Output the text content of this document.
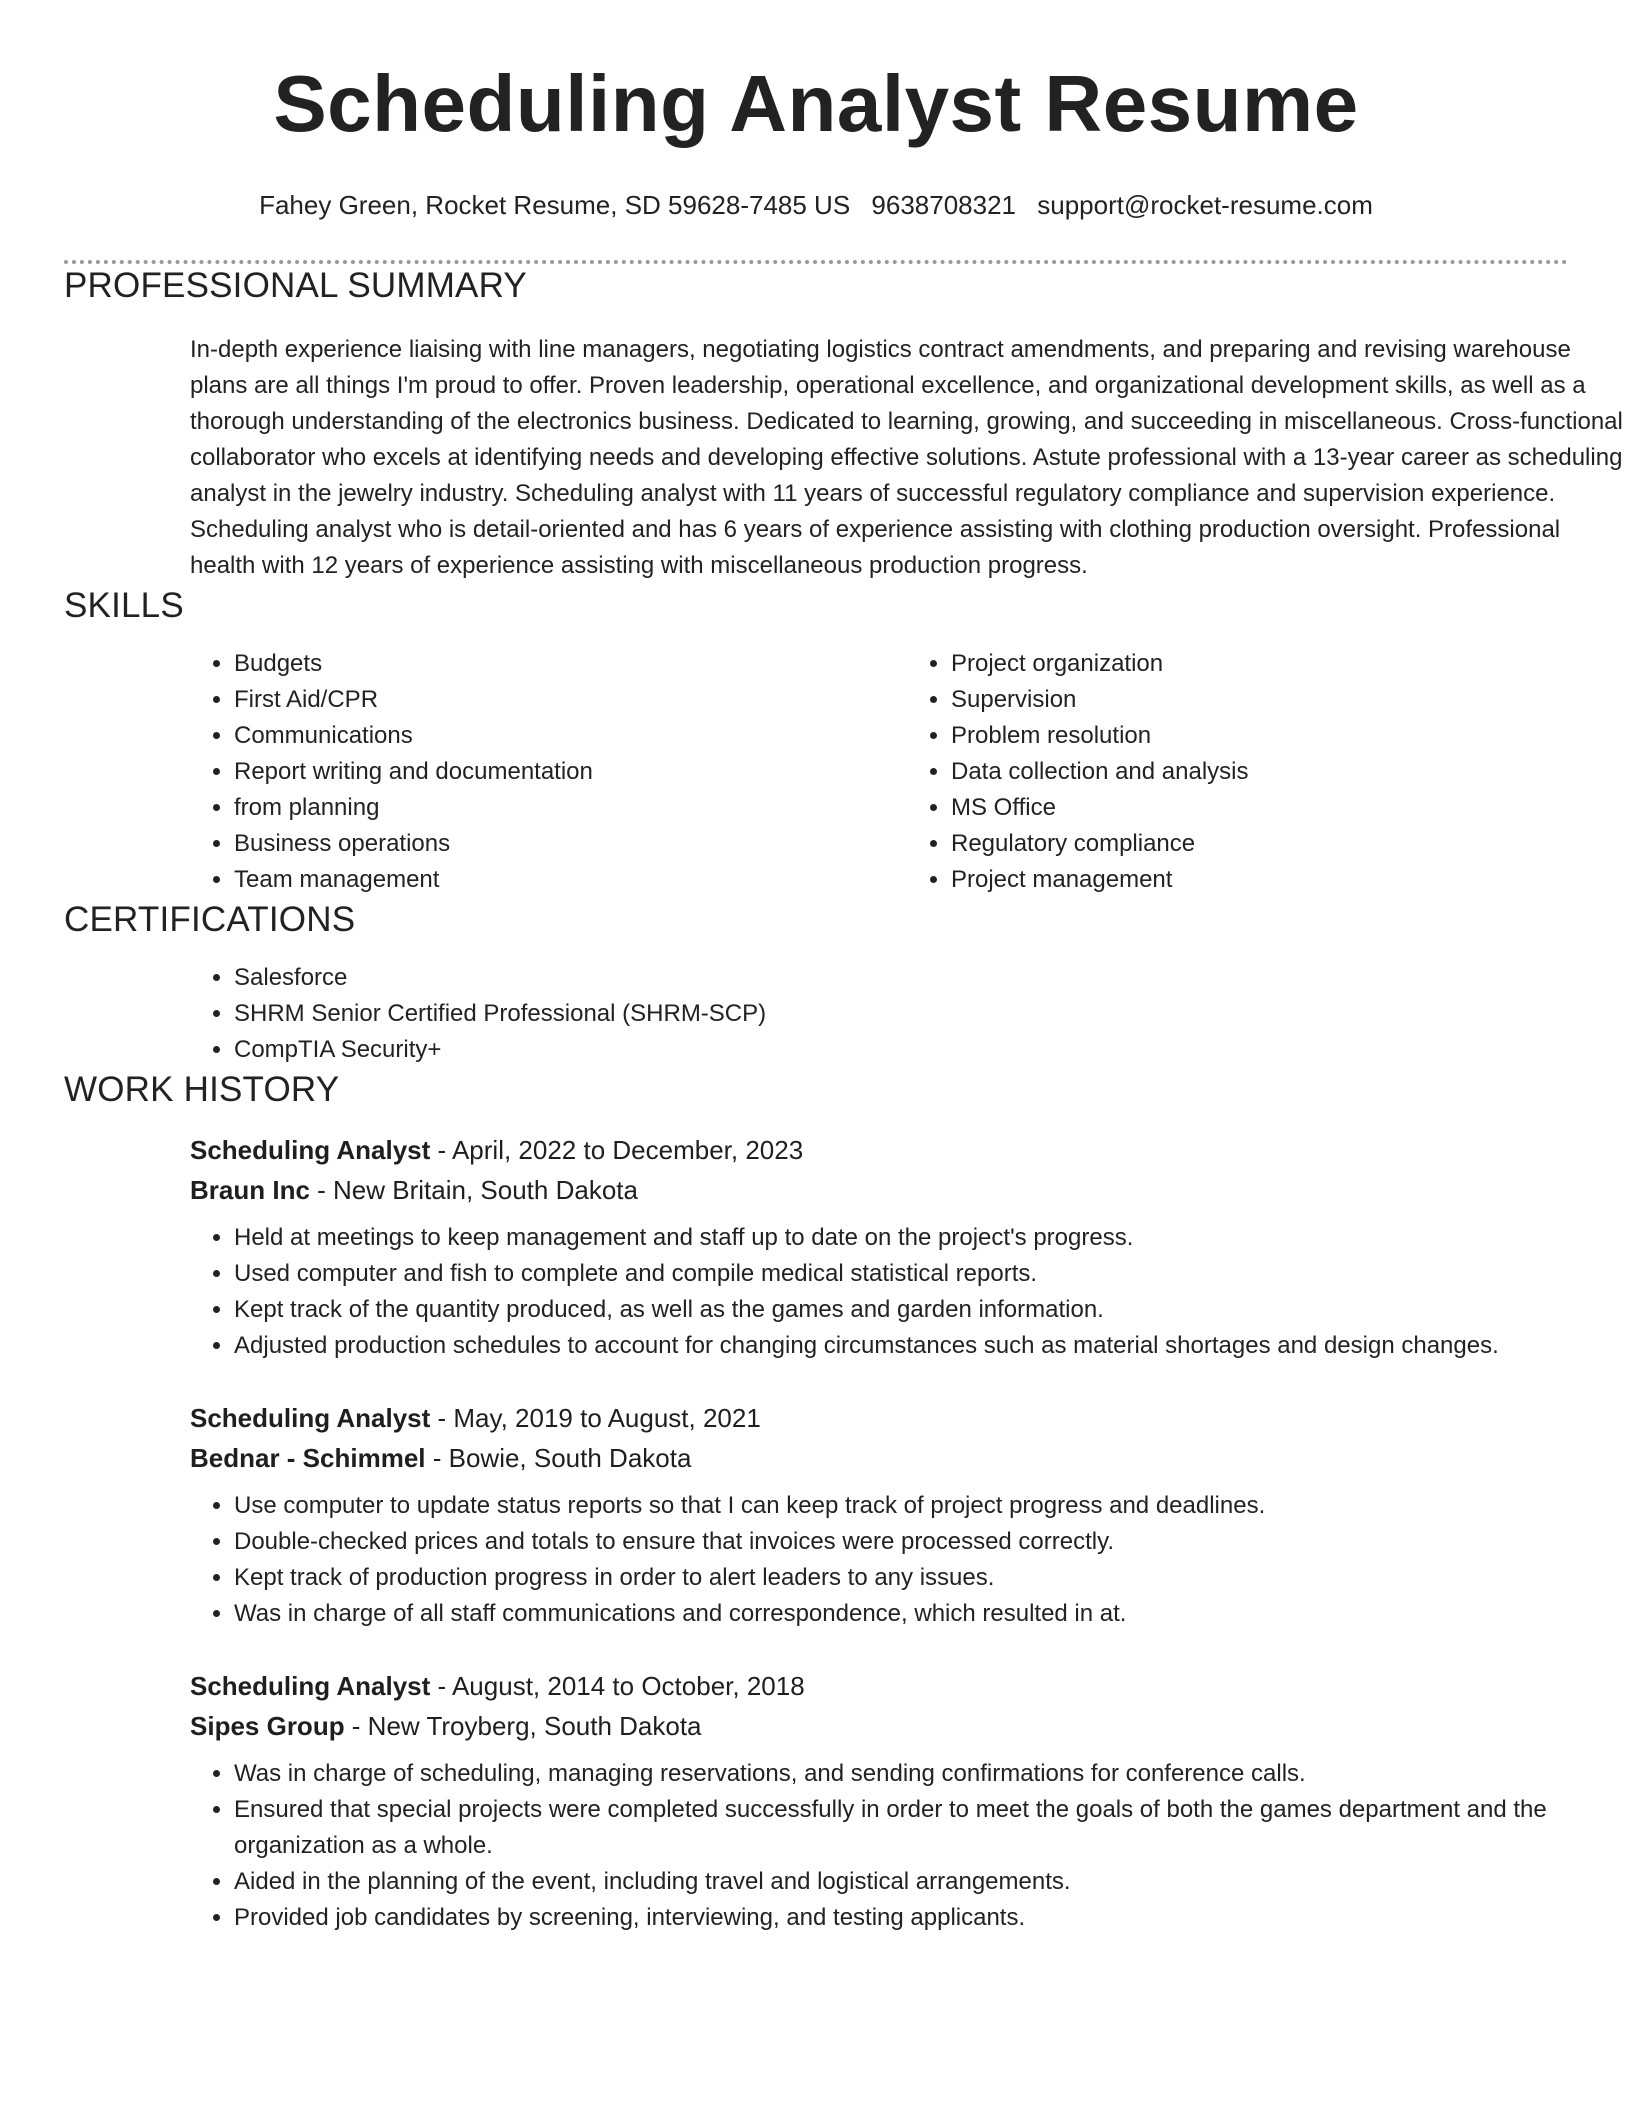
Scheduling Analyst Resume
Fahey Green, Rocket Resume, SD 59628-7485 US 9638708321 support@rocket-resume.com
PROFESSIONAL SUMMARY

In-depth experience liaising with line managers, negotiating logistics contract amendments, and preparing and revising warehouse plans are all things I'm proud to offer. Proven leadership, operational excellence, and organizational development skills, as well as a thorough understanding of the electronics business. Dedicated to learning, growing, and succeeding in miscellaneous. Cross-functional collaborator who excels at identifying needs and developing effective solutions. Astute professional with a 13-year career as scheduling analyst in the jewelry industry. Scheduling analyst with 11 years of successful regulatory compliance and supervision experience. Scheduling analyst who is detail-oriented and has 6 years of experience assisting with clothing production oversight. Professional health with 12 years of experience assisting with miscellaneous production progress.

SKILLS
• Budgets
• First Aid/CPR
• Communications
• Report writing and documentation
• from planning
• Business operations
• Team management
• Project organization
• Supervision
• Problem resolution
• Data collection and analysis
• MS Office
• Regulatory compliance
• Project management
CERTIFICATIONS
• Salesforce
• SHRM Senior Certified Professional (SHRM-SCP)
• CompTIA Security+
WORK HISTORY
Scheduling Analyst - April, 2022 to December, 2023
Braun Inc - New Britain, South Dakota
• Held at meetings to keep management and staff up to date on the project's progress.
• Used computer and fish to complete and compile medical statistical reports.
• Kept track of the quantity produced, as well as the games and garden information.
• Adjusted production schedules to account for changing circumstances such as material shortages and design changes.
Scheduling Analyst - May, 2019 to August, 2021
Bednar - Schimmel - Bowie, South Dakota
• Use computer to update status reports so that I can keep track of project progress and deadlines.
• Double-checked prices and totals to ensure that invoices were processed correctly.
• Kept track of production progress in order to alert leaders to any issues.
• Was in charge of all staff communications and correspondence, which resulted in at.
Scheduling Analyst - August, 2014 to October, 2018
Sipes Group - New Troyberg, South Dakota
• Was in charge of scheduling, managing reservations, and sending confirmations for conference calls.
• Ensured that special projects were completed successfully in order to meet the goals of both the games department and the organization as a whole.
• Aided in the planning of the event, including travel and logistical arrangements.
• Provided job candidates by screening, interviewing, and testing applicants.
